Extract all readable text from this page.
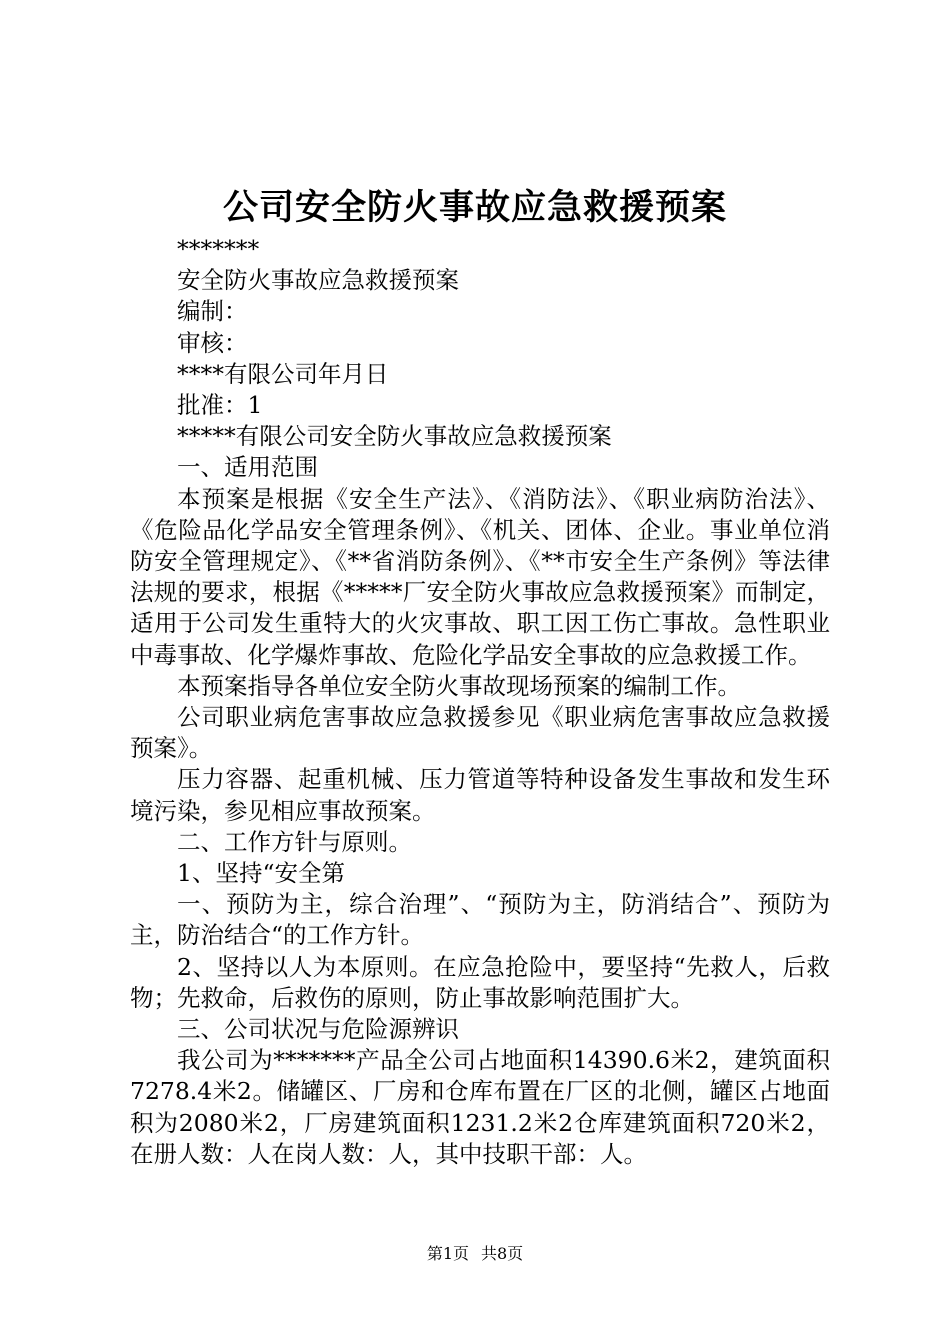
公司安全防火事故应急救援预案

*******

安全防火事故应急救援预案

编制：

审核：

****有限公司年月日

批准：1

*****有限公司安全防火事故应急救援预案

一、适用范围

本预案是根据《安全生产法》、《消防法》、《职业病防治法》、《危险品化学品安全管理条例》、《机关、团体、企业。事业单位消防安全管理规定》、《**省消防条例》、《**市安全生产条例》等法律法规的要求，根据《*****厂安全防火事故应急救援预案》而制定，适用于公司发生重特大的火灾事故、职工因工伤亡事故。急性职业中毒事故、化学爆炸事故、危险化学品安全事故的应急救援工作。

本预案指导各单位安全防火事故现场预案的编制工作。

公司职业病危害事故应急救援参见《职业病危害事故应急救援预案》。

压力容器、起重机械、压力管道等特种设备发生事故和发生环境污染，参见相应事故预案。

二、工作方针与原则。

1、坚持“安全第

一、预防为主，综合治理”、“预防为主，防消结合”、预防为主，防治结合“的工作方针。

2、坚持以人为本原则。在应急抢险中，要坚持“先救人，后救物；先救命，后救伤的原则，防止事故影响范围扩大。

三、公司状况与危险源辨识

我公司为*******产品全公司占地面积14390.6米2，建筑面积7278.4米2。储罐区、厂房和仓库布置在厂区的北侧，罐区占地面积为2080米2，厂房建筑面积1231.2米2仓库建筑面积720米2，在册人数：人在岗人数：人，其中技职干部：人。

第1页 共8页
